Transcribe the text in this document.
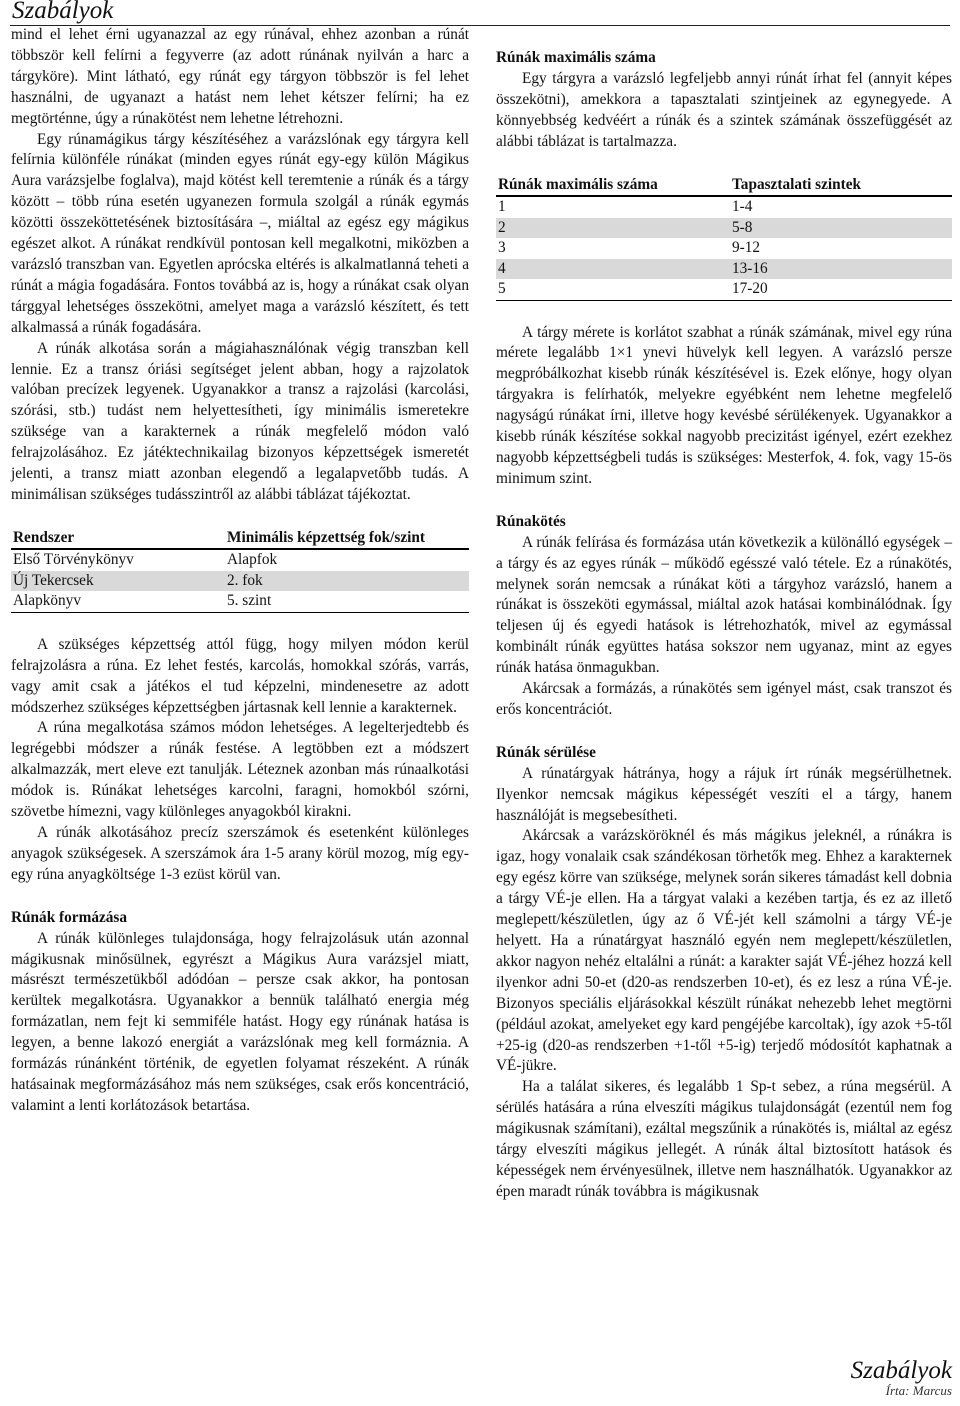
Szabályok

mind el lehet érni ugyanazzal az egy rúnával, ehhez azonban a rúnát többször kell felírni a fegyverre (az adott rúnának nyilván a harc a tárgyköre). Mint látható, egy rúnát egy tárgyon többször is fel lehet használni, de ugyanazt a hatást nem lehet kétszer felírni; ha ez megtörténne, úgy a rúnakötést nem lehetne létrehozni.

Egy rúnamágikus tárgy készítéséhez a varázslónak egy tárgyra kell felírnia különféle rúnákat (minden egyes rúnát egy-egy külön Mágikus Aura varázsjelbe foglalva), majd kötést kell teremtenie a rúnák és a tárgy között – több rúna esetén ugyanezen formula szolgál a rúnák egymás közötti összeköttetésének biztosítására –, miáltal az egész egy mágikus egészet alkot. A rúnákat rendkívül pontosan kell megalkotni, miközben a varázsló transzban van. Egyetlen aprócska eltérés is alkalmatlanná teheti a rúnát a mágia fogadására. Fontos továbbá az is, hogy a rúnákat csak olyan tárggyal lehetséges összekötni, amelyet maga a varázsló készített, és tett alkalmassá a rúnák fogadására.

A rúnák alkotása során a mágiahasználónak végig transzban kell lennie. Ez a transz óriási segítséget jelent abban, hogy a rajzolatok valóban precízek legyenek. Ugyanakkor a transz a rajzolási (karcolási, szórási, stb.) tudást nem helyettesítheti, így minimális ismeretekre szüksége van a karakternek a rúnák megfelelő módon való felrajzolásához. Ez játéktechnikailag bizonyos képzettségek ismeretét jelenti, a transz miatt azonban elegendő a legalapvetőbb tudás. A minimálisan szükséges tudásszintről az alábbi táblázat tájékoztat.

Rendszer	Minimális képzettség fok/szint
Első Törvénykönyv	Alapfok
Új Tekercsek	2. fok
Alapkönyv	5. szint

A szükséges képzettség attól függ, hogy milyen módon kerül felrajzolásra a rúna. Ez lehet festés, karcolás, homokkal szórás, varrás, vagy amit csak a játékos el tud képzelni, mindenesetre az adott módszerhez szükséges képzettségben jártasnak kell lennie a karakternek.

A rúna megalkotása számos módon lehetséges. A legelterjedtebb és legrégebbi módszer a rúnák festése. A legtöbben ezt a módszert alkalmazzák, mert eleve ezt tanulják. Léteznek azonban más rúnaalkotási módok is. Rúnákat lehetséges karcolni, faragni, homokból szórni, szövetbe hímezni, vagy különleges anyagokból kirakni.

A rúnák alkotásához precíz szerszámok és esetenként különleges anyagok szükségesek. A szerszámok ára 1-5 arany körül mozog, míg egy-egy rúna anyagköltsége 1-3 ezüst körül van.

Rúnák formázása

A rúnák különleges tulajdonsága, hogy felrajzolásuk után azonnal mágikusnak minősülnek, egyrészt a Mágikus Aura varázsjel miatt, másrészt természetükből adódóan – persze csak akkor, ha pontosan kerültek megalkotásra. Ugyanakkor a bennük található energia még formázatlan, nem fejt ki semmiféle hatást. Hogy egy rúnának hatása is legyen, a benne lakozó energiát a varázslónak meg kell formáznia. A formázás rúnánként történik, de egyetlen folyamat részeként. A rúnák hatásainak megformázásához más nem szükséges, csak erős koncentráció, valamint a lenti korlátozások betartása.

Rúnák maximális száma

Egy tárgyra a varázsló legfeljebb annyi rúnát írhat fel (annyit képes összekötni), amekkora a tapasztalati szintjeinek az egynegyede. A könnyebbség kedvéért a rúnák és a szintek számának összefüggését az alábbi táblázat is tartalmazza.

Rúnák maximális száma	Tapasztalati szintek
1	1-4
2	5-8
3	9-12
4	13-16
5	17-20

A tárgy mérete is korlátot szabhat a rúnák számának, mivel egy rúna mérete legalább 1×1 ynevi hüvelyk kell legyen. A varázsló persze megpróbálkozhat kisebb rúnák készítésével is. Ezek előnye, hogy olyan tárgyakra is felírhatók, melyekre egyébként nem lehetne megfelelő nagyságú rúnákat írni, illetve hogy kevésbé sérülékenyek. Ugyanakkor a kisebb rúnák készítése sokkal nagyobb precizitást igényel, ezért ezekhez nagyobb képzettségbeli tudás is szükséges: Mesterfok, 4. fok, vagy 15-ös minimum szint.

Rúnakötés

A rúnák felírása és formázása után következik a különálló egységek – a tárgy és az egyes rúnák – működő egésszé való tétele. Ez a rúnakötés, melynek során nemcsak a rúnákat köti a tárgyhoz varázsló, hanem a rúnákat is összeköti egymással, miáltal azok hatásai kombinálódnak. Így teljesen új és egyedi hatások is létrehozhatók, mivel az egymással kombinált rúnák együttes hatása sokszor nem ugyanaz, mint az egyes rúnák hatása önmagukban.

Akárcsak a formázás, a rúnakötés sem igényel mást, csak transzot és erős koncentrációt.

Rúnák sérülése

A rúnatárgyak hátránya, hogy a rájuk írt rúnák megsérülhetnek. Ilyenkor nemcsak mágikus képességét veszíti el a tárgy, hanem használóját is megsebesítheti.

Akárcsak a varázsköröknél és más mágikus jeleknél, a rúnákra is igaz, hogy vonalaik csak szándékosan törhetők meg. Ehhez a karakternek egy egész körre van szüksége, melynek során sikeres támadást kell dobnia a tárgy VÉ-je ellen. Ha a tárgyat valaki a kezében tartja, és ez az illető meglepett/készületlen, úgy az ő VÉ-jét kell számolni a tárgy VÉ-je helyett. Ha a rúnatárgyat használó egyén nem meglepett/készületlen, akkor nagyon nehéz eltalálni a rúnát: a karakter saját VÉ-jéhez hozzá kell ilyenkor adni 50-et (d20-as rendszerben 10-et), és ez lesz a rúna VÉ-je. Bizonyos speciális eljárásokkal készült rúnákat nehezebb lehet megtörni (például azokat, amelyeket egy kard pengéjébe karcoltak), így azok +5-től +25-ig (d20-as rendszerben +1-től +5-ig) terjedő módosítót kaphatnak a VÉ-jükre.

Ha a találat sikeres, és legalább 1 Sp-t sebez, a rúna megsérül. A sérülés hatására a rúna elveszíti mágikus tulajdonságát (ezentúl nem fog mágikusnak számítani), ezáltal megszűnik a rúnakötés is, miáltal az egész tárgy elveszíti mágikus jellegét. A rúnák által biztosított hatások és képességek nem érvényesülnek, illetve nem használhatók. Ugyanakkor az épen maradt rúnák továbbra is mágikusnak

Szabályok
Írta: Marcus
